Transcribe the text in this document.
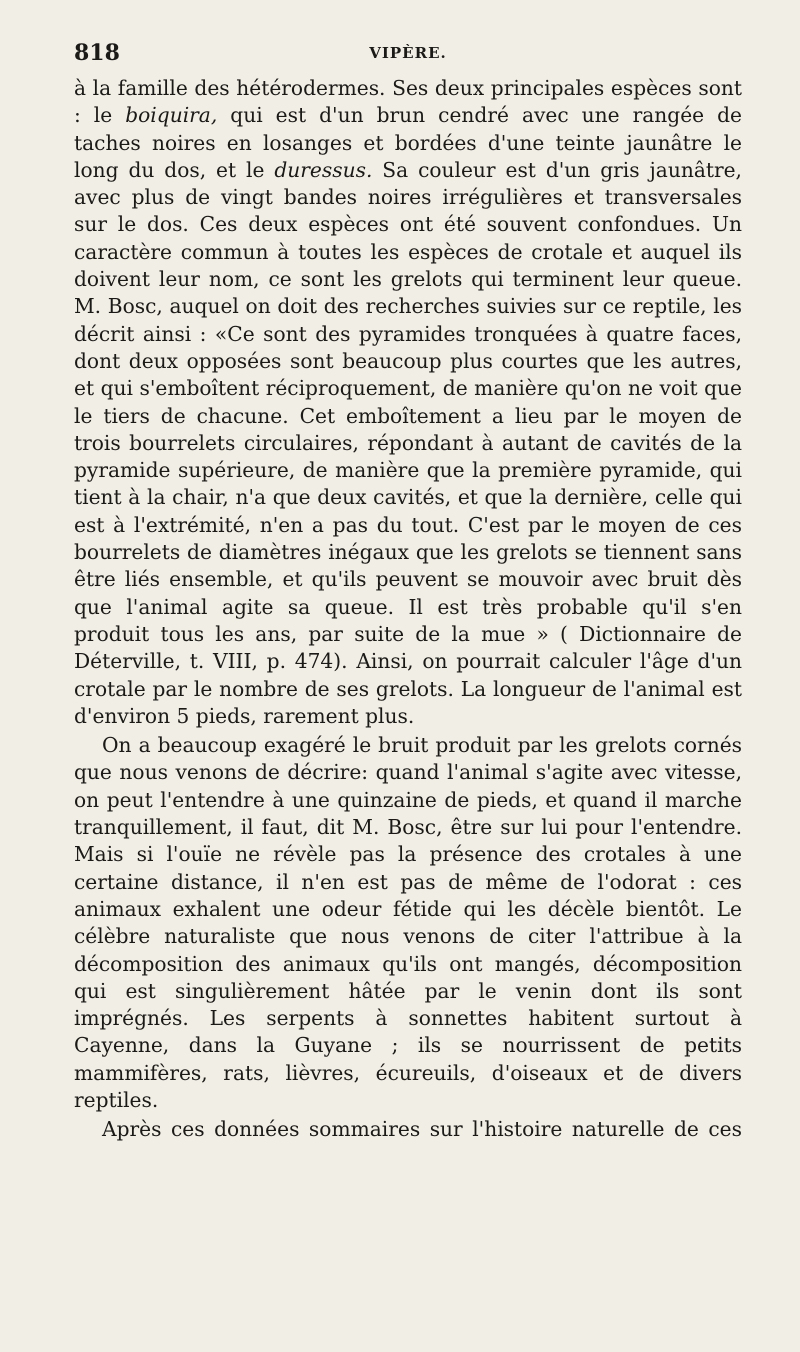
818	VIPÈRE.

à la famille des hétérodermes. Ses deux principales espèces sont : le boiquira, qui est d'un brun cendré avec une rangée de taches noires en losanges et bordées d'une teinte jaunâtre le long du dos, et le duressus. Sa couleur est d'un gris jaunâtre, avec plus de vingt bandes noires irrégulières et transversales sur le dos. Ces deux espèces ont été souvent confondues. Un caractère commun à toutes les espèces de crotale et auquel ils doivent leur nom, ce sont les grelots qui terminent leur queue. M. Bosc, auquel on doit des recherches suivies sur ce reptile, les décrit ainsi : «Ce sont des pyramides tronquées à quatre faces, dont deux opposées sont beaucoup plus courtes que les autres, et qui s'emboîtent réciproquement, de manière qu'on ne voit que le tiers de chacune. Cet emboîtement a lieu par le moyen de trois bourrelets circulaires, répondant à autant de cavités de la pyramide supérieure, de manière que la première pyramide, qui tient à la chair, n'a que deux cavités, et que la dernière, celle qui est à l'extrémité, n'en a pas du tout. C'est par le moyen de ces bourrelets de diamètres inégaux que les grelots se tiennent sans être liés ensemble, et qu'ils peuvent se mouvoir avec bruit dès que l'animal agite sa queue. Il est très probable qu'il s'en produit tous les ans, par suite de la mue » ( Dictionnaire de Déterville, t. VIII, p. 474). Ainsi, on pourrait calculer l'âge d'un crotale par le nombre de ses grelots. La longueur de l'animal est d'environ 5 pieds, rarement plus.

On a beaucoup exagéré le bruit produit par les grelots cornés que nous venons de décrire: quand l'animal s'agite avec vitesse, on peut l'entendre à une quinzaine de pieds, et quand il marche tranquillement, il faut, dit M. Bosc, être sur lui pour l'entendre. Mais si l'ouïe ne révèle pas la présence des crotales à une certaine distance, il n'en est pas de même de l'odorat : ces animaux exhalent une odeur fétide qui les décèle bientôt. Le célèbre naturaliste que nous venons de citer l'attribue à la décomposition des animaux qu'ils ont mangés, décomposition qui est singulièrement hâtée par le venin dont ils sont imprégnés. Les serpents à sonnettes habitent surtout à Cayenne, dans la Guyane ; ils se nourrissent de petits mammifères, rats, lièvres, écureuils, d'oiseaux et de divers reptiles.

Après ces données sommaires sur l'histoire naturelle de ces
